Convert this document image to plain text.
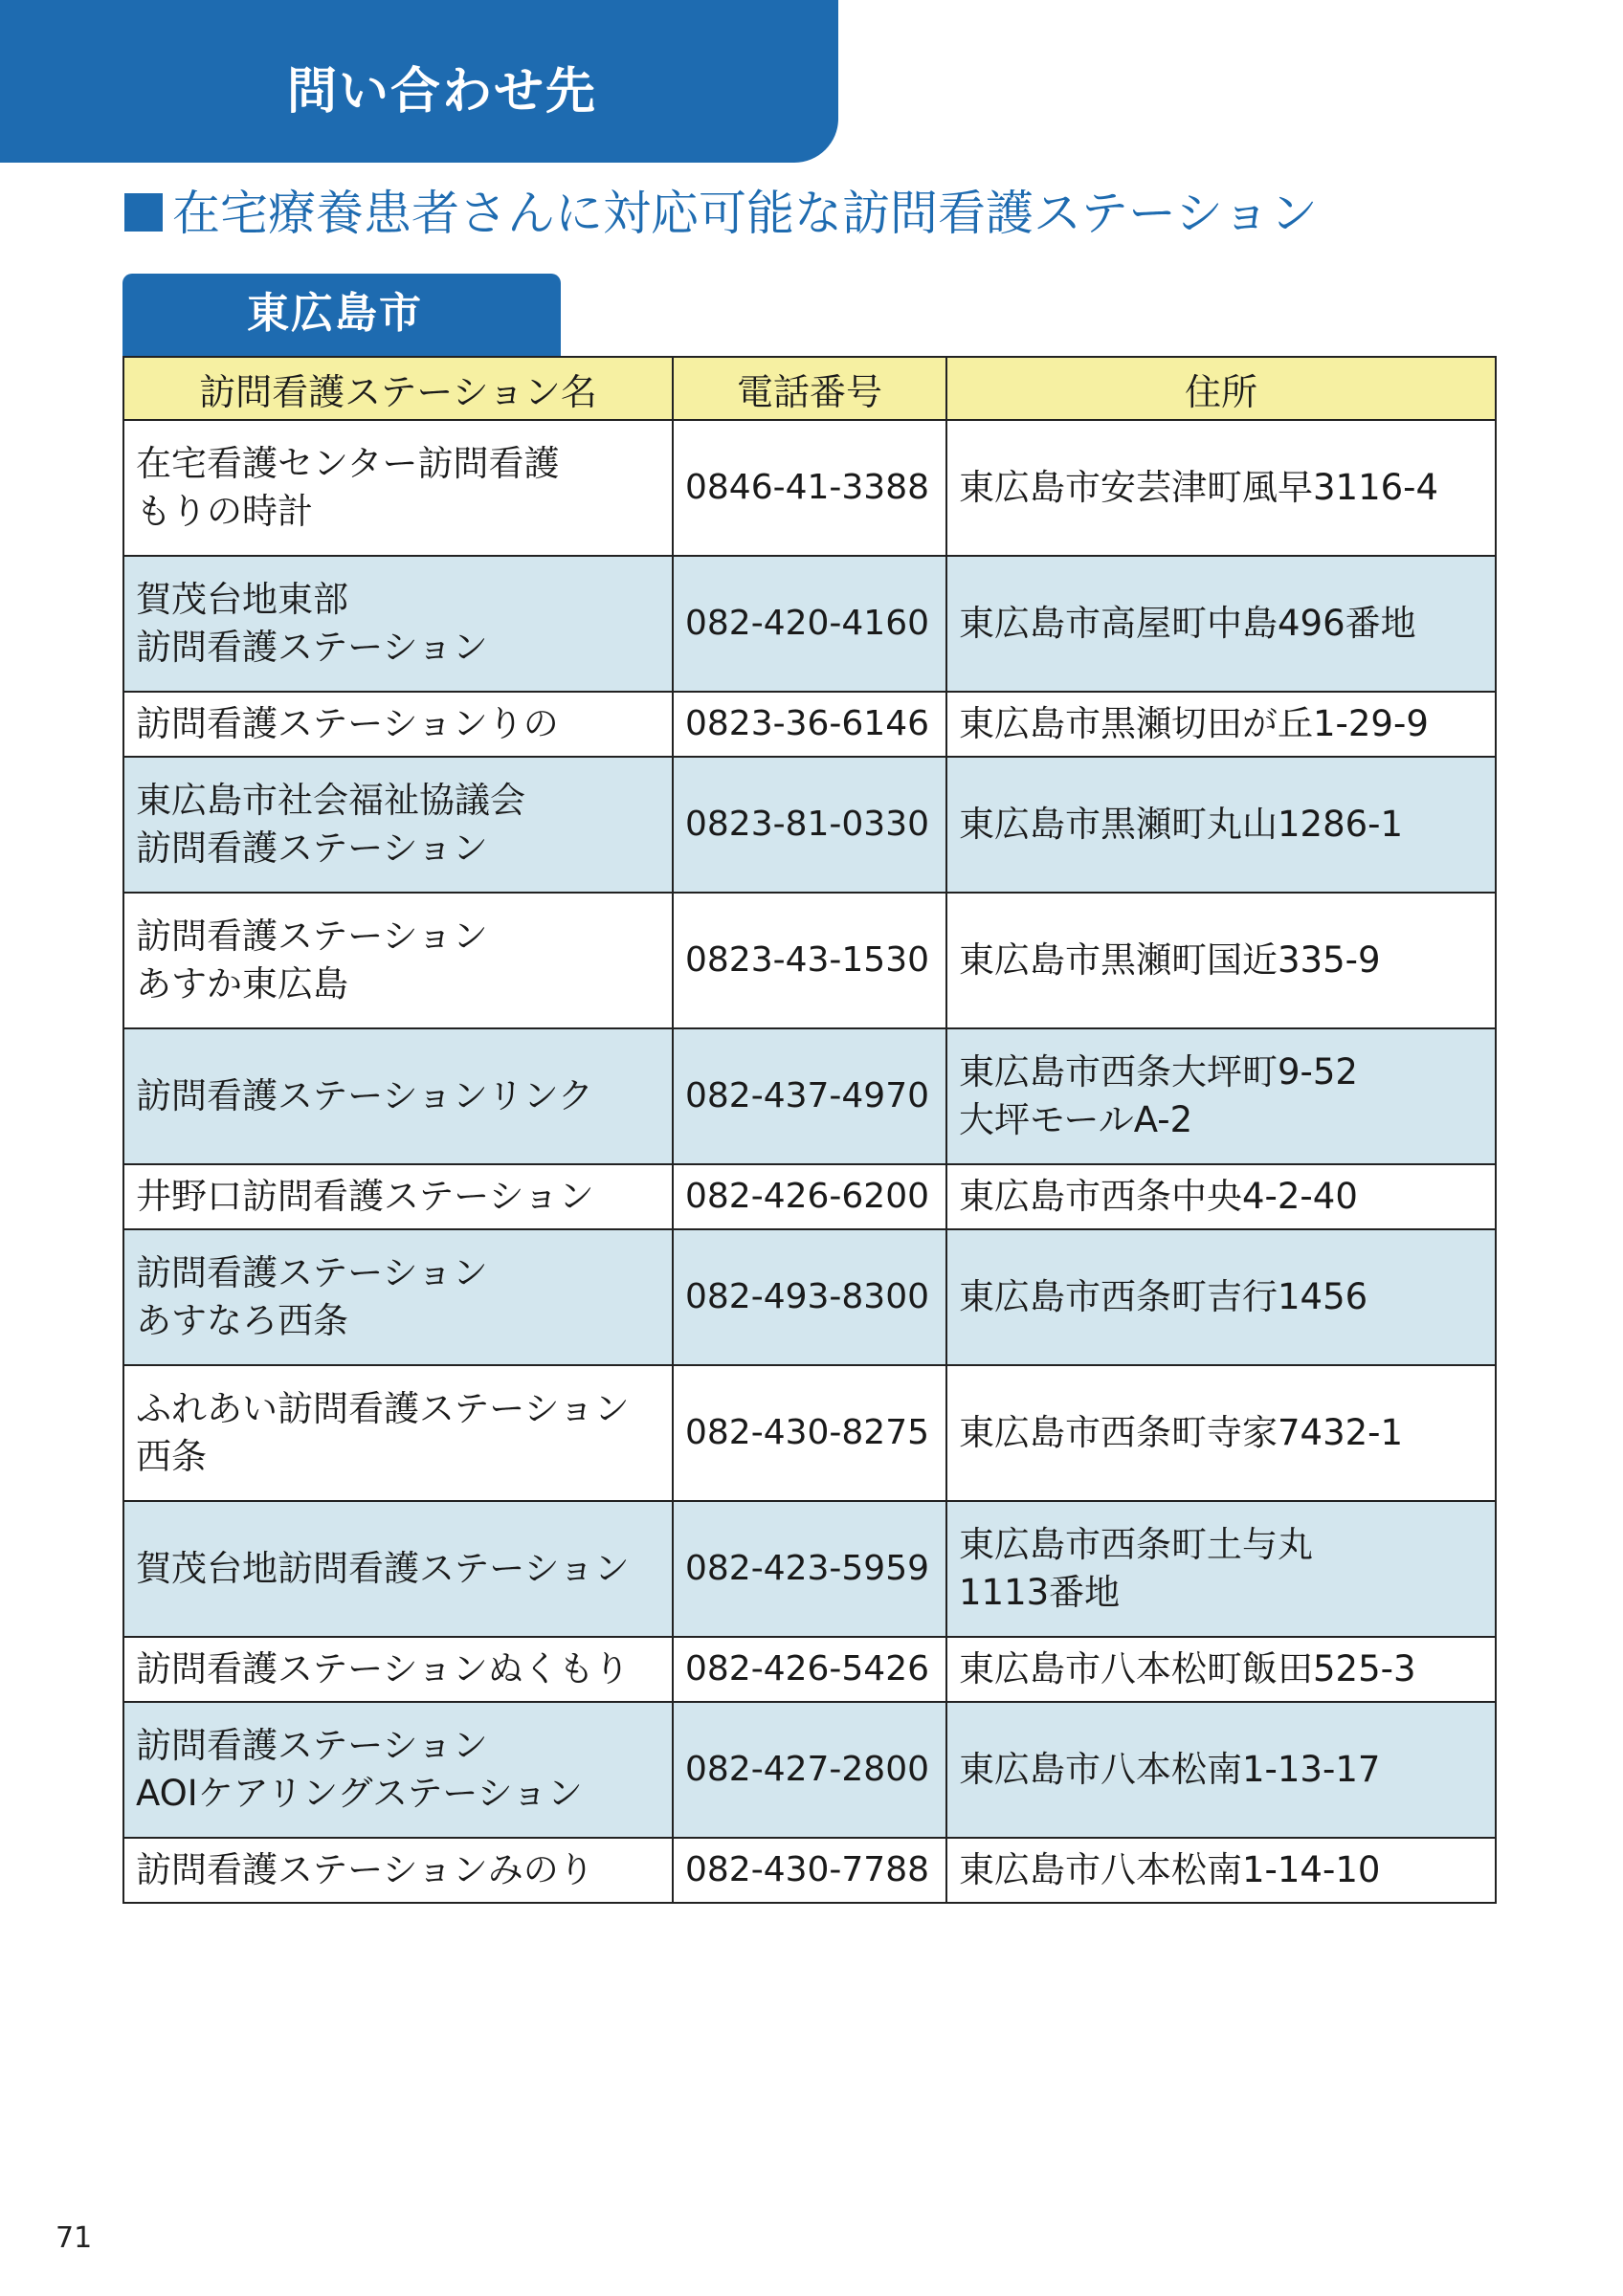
問い合わせ先
在宅療養患者さんに対応可能な訪問看護ステーション
東広島市
訪問看護ステーション名	電話番号	住所

在宅看護センター訪問看護
もりの時計	0846-41-3388	東広島市安芸津町風早3116-4

賀茂台地東部
訪問看護ステーション	082-420-4160	東広島市高屋町中島496番地

訪問看護ステーションりの	0823-36-6146	東広島市黒瀬切田が丘1-29-9

東広島市社会福祉協議会
訪問看護ステーション	0823-81-0330	東広島市黒瀬町丸山1286-1

訪問看護ステーション
あすか東広島	0823-43-1530	東広島市黒瀬町国近335-9

訪問看護ステーションリンク	082-437-4970	東広島市西条大坪町9-52
大坪モールA-2

井野口訪問看護ステーション	082-426-6200	東広島市西条中央4-2-40

訪問看護ステーション
あすなろ西条	082-493-8300	東広島市西条町吉行1456

ふれあい訪問看護ステーション
西条	082-430-8275	東広島市西条町寺家7432-1

賀茂台地訪問看護ステーション	082-423-5959	東広島市西条町土与丸
1113番地

訪問看護ステーションぬくもり	082-426-5426	東広島市八本松町飯田525-3

訪問看護ステーション
AOIケアリングステーション	082-427-2800	東広島市八本松南1-13-17

訪問看護ステーションみのり	082-430-7788	東広島市八本松南1-14-10
71
